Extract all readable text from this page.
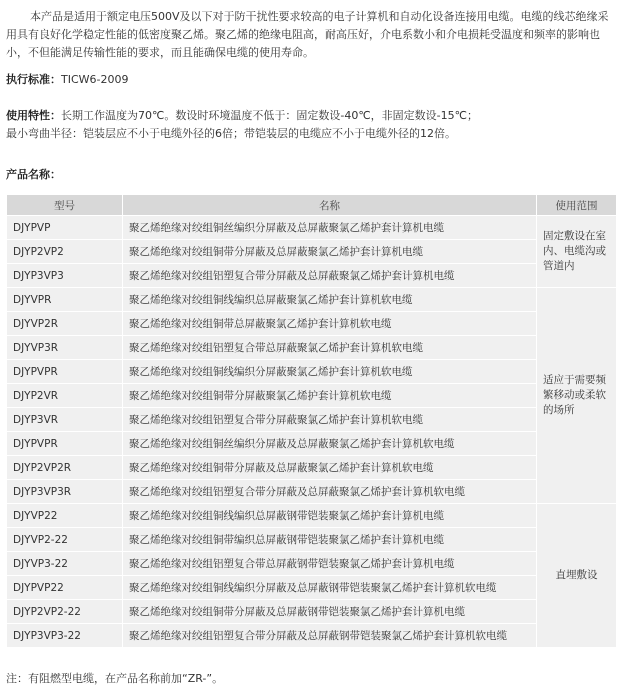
本产品是适用于额定电压500V及以下对于防干扰性要求较高的电子计算机和自动化设备连接用电缆。电缆的线芯绝缘采用具有良好化学稳定性能的低密度聚乙烯。聚乙烯的绝缘电阻高，耐高压好，介电系数小和介电损耗受温度和频率的影响也小，不但能满足传输性能的要求，而且能确保电缆的使用寿命。

执行标准：TICW6-2009

使用特性：长期工作温度为70℃。数设时环境温度不低于：固定数设-40℃，非固定数设-15℃；

最小弯曲半径：铠装层应不小于电缆外径的6倍；带铠装层的电缆应不小于电缆外径的12倍。

产品名称：

型号	名称	使用范围
DJYPVP	聚乙烯绝缘对绞组铜丝编织分屏蔽及总屏蔽聚氯乙烯护套计算机电缆	固定敷设在室内、电缆沟或管道内
DJYP2VP2	聚乙烯绝缘对绞组铜带分屏蔽及总屏蔽聚氯乙烯护套计算机电缆	
DJYP3VP3	聚乙烯绝缘对绞组铝塑复合带分屏蔽及总屏蔽聚氯乙烯护套计算机电缆	
DJYVPR	聚乙烯绝缘对绞组铜线编织总屏蔽聚氯乙烯护套计算机软电缆	适应于需要频繁移动或柔软的场所
DJYVP2R	聚乙烯绝缘对绞组铜带总屏蔽聚氯乙烯护套计算机软电缆	
DJYVP3R	聚乙烯绝缘对绞组铝塑复合带总屏蔽聚氯乙烯护套计算机软电缆	
DJYPVPR	聚乙烯绝缘对绞组铜线编织分屏蔽聚氯乙烯护套计算机软电缆	
DJYP2VR	聚乙烯绝缘对绞组铜带分屏蔽聚氯乙烯护套计算机软电缆	
DJYP3VR	聚乙烯绝缘对绞组铝塑复合带分屏蔽聚氯乙烯护套计算机软电缆	
DJYPVPR	聚乙烯绝缘对绞组铜丝编织分屏蔽及总屏蔽聚氯乙烯护套计算机软电缆	
DJYP2VP2R	聚乙烯绝缘对绞组铜带分屏蔽及总屏蔽聚氯乙烯护套计算机软电缆	
DJYP3VP3R	聚乙烯绝缘对绞组铝塑复合带分屏蔽及总屏蔽聚氯乙烯护套计算机软电缆	
DJYVP22	聚乙烯绝缘对绞组铜线编织总屏蔽钢带铠装聚氯乙烯护套计算机电缆	直埋敷设
DJYVP2-22	聚乙烯绝缘对绞组铜带编织总屏蔽钢带铠装聚氯乙烯护套计算机电缆	
DJYVP3-22	聚乙烯绝缘对绞组铝塑复合带总屏蔽钢带铠装聚氯乙烯护套计算机电缆	
DJYPVP22	聚乙烯绝缘对绞组铜线编织分屏蔽及总屏蔽钢带铠装聚氯乙烯护套计算机软电缆	
DJYP2VP2-22	聚乙烯绝缘对绞组铜带分屏蔽及总屏蔽钢带铠装聚氯乙烯护套计算机电缆	
DJYP3VP3-22	聚乙烯绝缘对绞组铝塑复合带分屏蔽及总屏蔽钢带铠装聚氯乙烯护套计算机软电缆	

注：有阻燃型电缆，在产品名称前加“ZR-”。
